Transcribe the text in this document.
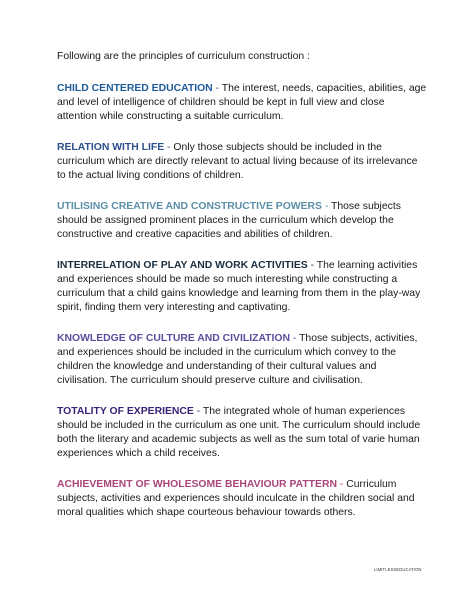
Following are the principles of curriculum construction :

CHILD CENTERED EDUCATION - The interest, needs, capacities, abilities, age and level of intelligence of children should be kept in full view and close attention while constructing a suitable curriculum.

RELATION WITH LIFE - Only those subjects should be included in the curriculum which are directly relevant to actual living because of its irrelevance to the actual living conditions of children.

UTILISING CREATIVE AND CONSTRUCTIVE POWERS - Those subjects should be assigned prominent places in the curriculum which develop the constructive and creative capacities and abilities of children.

INTERRELATION OF PLAY AND WORK ACTIVITIES - The learning activities and experiences should be made so much interesting while constructing a curriculum that a child gains knowledge and learning from them in the play-way spirit, finding them very interesting and captivating.

KNOWLEDGE OF CULTURE AND CIVILIZATION - Those subjects, activities, and experiences should be included in the curriculum which convey to the children the knowledge and understanding of their cultural values and civilisation. The curriculum should preserve culture and civilisation.

TOTALITY OF EXPERIENCE - The integrated whole of human experiences should be included in the curriculum as one unit. The curriculum should include both the literary and academic subjects as well as the sum total of varie human experiences which a child receives.

ACHIEVEMENT OF WHOLESOME BEHAVIOUR PATTERN - Curriculum subjects, activities and experiences should inculcate in the children social and moral qualities which shape courteous behaviour towards others.

LIMITLESSEDUCATION
